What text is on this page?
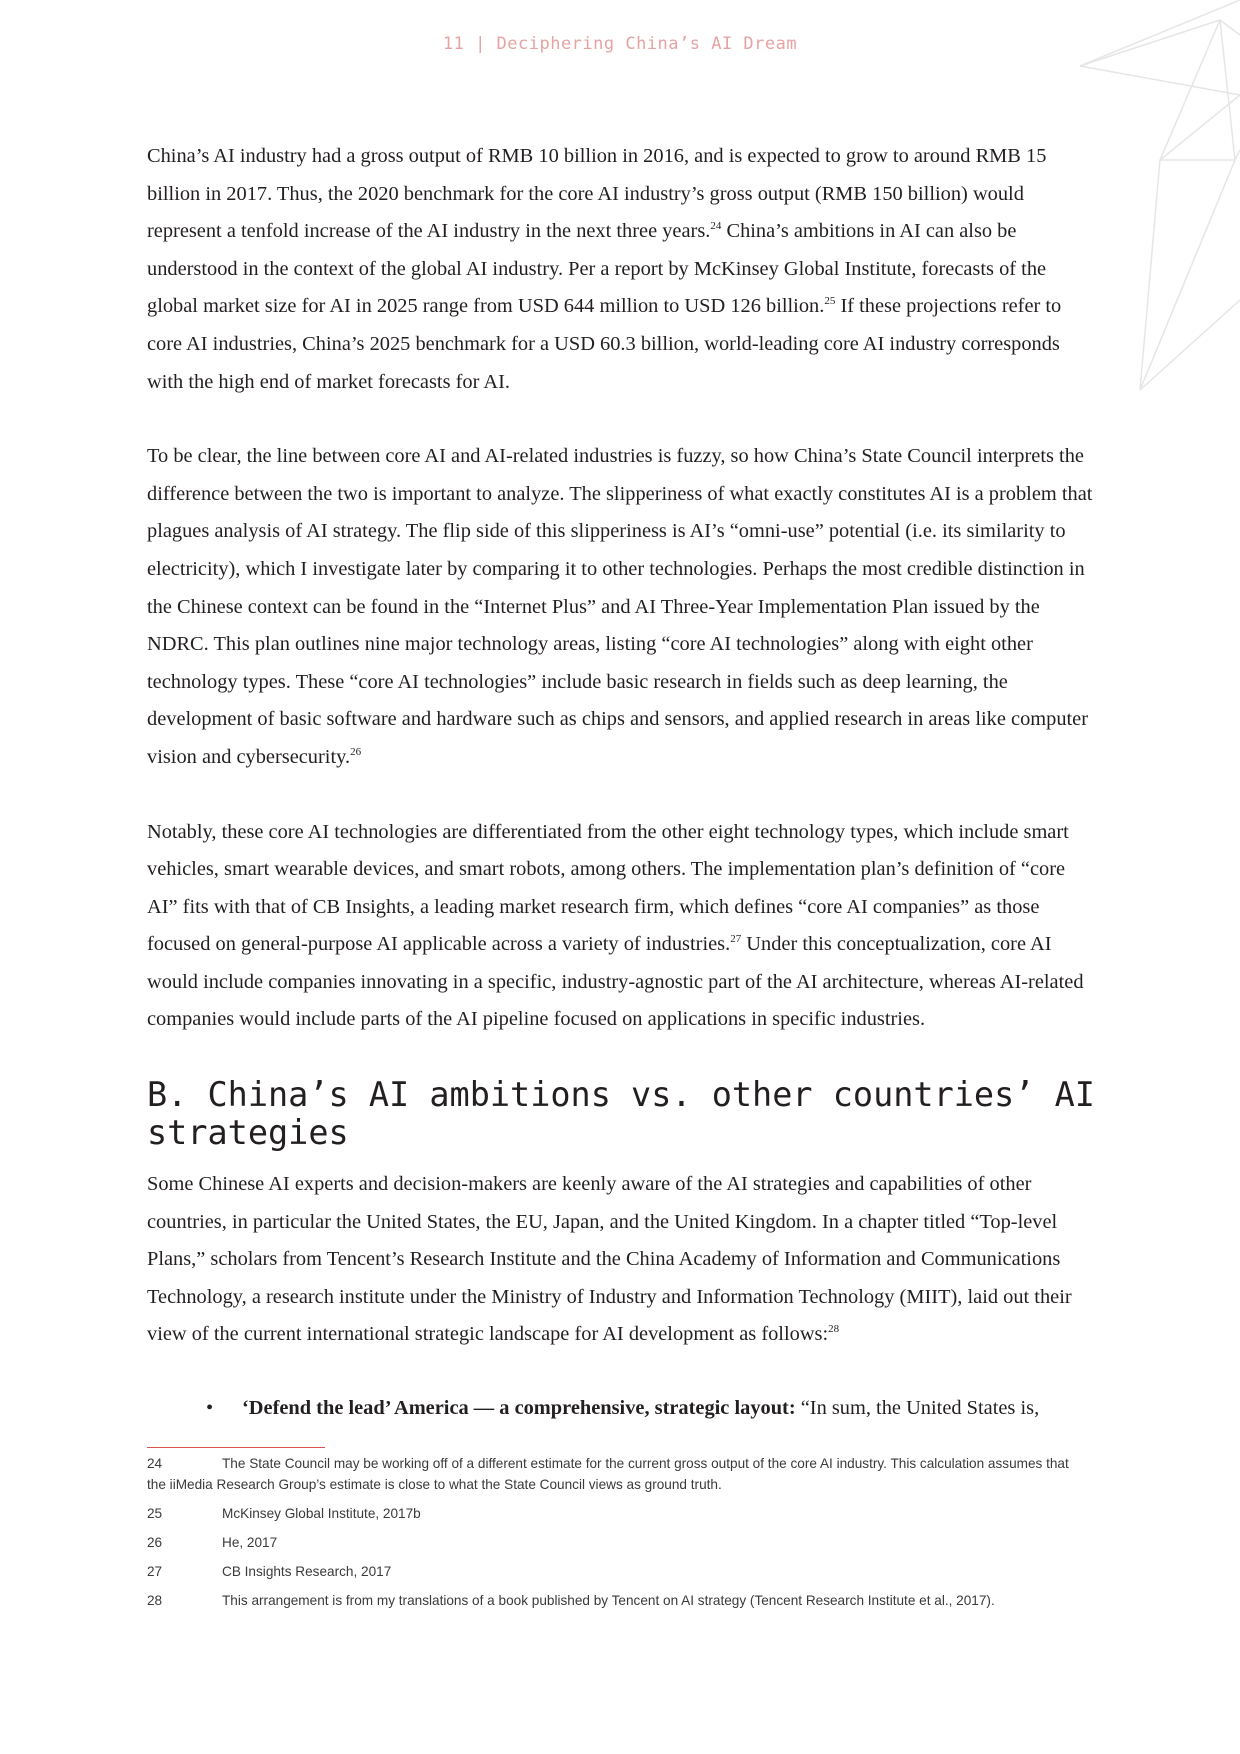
11 | Deciphering China’s AI Dream

China’s AI industry had a gross output of RMB 10 billion in 2016, and is expected to grow to around RMB 15 billion in 2017. Thus, the 2020 benchmark for the core AI industry’s gross output (RMB 150 billion) would represent a tenfold increase of the AI industry in the next three years.$^{24}$ China’s ambitions in AI can also be understood in the context of the global AI industry. Per a report by McKinsey Global Institute, forecasts of the global market size for AI in 2025 range from USD 644 million to USD 126 billion.$^{25}$ If these projections refer to core AI industries, China’s 2025 benchmark for a USD 60.3 billion, world-leading core AI industry corresponds with the high end of market forecasts for AI.

To be clear, the line between core AI and AI-related industries is fuzzy, so how China’s State Council interprets the difference between the two is important to analyze. The slipperiness of what exactly constitutes AI is a problem that plagues analysis of AI strategy. The flip side of this slipperiness is AI’s “omni-use” potential (i.e. its similarity to electricity), which I investigate later by comparing it to other technologies. Perhaps the most credible distinction in the Chinese context can be found in the “Internet Plus” and AI Three-Year Implementation Plan issued by the NDRC. This plan outlines nine major technology areas, listing “core AI technologies” along with eight other technology types. These “core AI technologies” include basic research in fields such as deep learning, the development of basic software and hardware such as chips and sensors, and applied research in areas like computer vision and cybersecurity.$^{26}$

Notably, these core AI technologies are differentiated from the other eight technology types, which include smart vehicles, smart wearable devices, and smart robots, among others. The implementation plan’s definition of “core AI” fits with that of CB Insights, a leading market research firm, which defines “core AI companies” as those focused on general-purpose AI applicable across a variety of industries.$^{27}$ Under this conceptualization, core AI would include companies innovating in a specific, industry-agnostic part of the AI architecture, whereas AI-related companies would include parts of the AI pipeline focused on applications in specific industries.

B. China’s AI ambitions vs. other countries’ AI strategies

Some Chinese AI experts and decision-makers are keenly aware of the AI strategies and capabilities of other countries, in particular the United States, the EU, Japan, and the United Kingdom. In a chapter titled “Top-level Plans,” scholars from Tencent’s Research Institute and the China Academy of Information and Communications Technology, a research institute under the Ministry of Industry and Information Technology (MIIT), laid out their view of the current international strategic landscape for AI development as follows:$^{28}$

• ‘Defend the lead’ America — a comprehensive, strategic layout: “In sum, the United States is,

24	The State Council may be working off of a different estimate for the current gross output of the core AI industry. This calculation assumes that the iiMedia Research Group’s estimate is close to what the State Council views as ground truth.

25	McKinsey Global Institute, 2017b

26	He, 2017

27	CB Insights Research, 2017

28	This arrangement is from my translations of a book published by Tencent on AI strategy (Tencent Research Institute et al., 2017).
